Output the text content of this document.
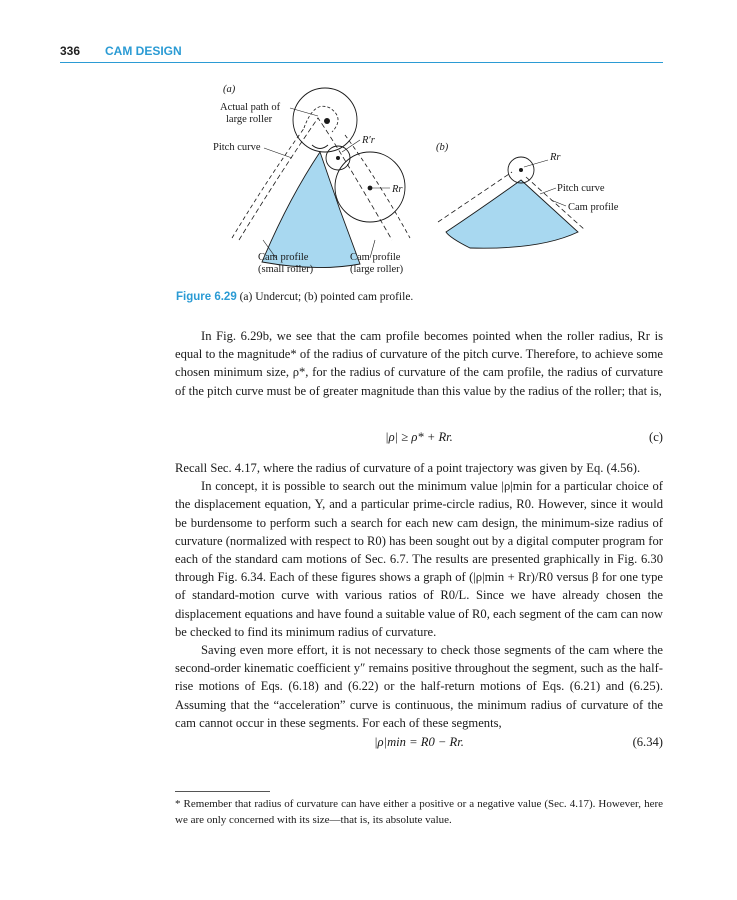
336 CAM DESIGN
(a)
Actual path of
large roller
Pitch curve
R′r
Rr
Cam profile
(small roller)
Cam profile
(large roller)
(b)
Rr
Pitch curve
Cam profile
Figure 6.29 (a) Undercut; (b) pointed cam profile.

In Fig. 6.29b, we see that the cam profile becomes pointed when the roller radius, Rr is equal to the magnitude* of the radius of curvature of the pitch curve. Therefore, to achieve some chosen minimum size, ρ*, for the radius of curvature of the cam profile, the radius of curvature of the pitch curve must be of greater magnitude than this value by the radius of the roller; that is,

|ρ| ≥ ρ* + Rr.	(c)

Recall Sec. 4.17, where the radius of curvature of a point trajectory was given by Eq. (4.56).

In concept, it is possible to search out the minimum value |ρ|min for a particular choice of the displacement equation, Y, and a particular prime-circle radius, R0. However, since it would be burdensome to perform such a search for each new cam design, the minimum-size radius of curvature (normalized with respect to R0) has been sought out by a digital computer program for each of the standard cam motions of Sec. 6.7. The results are presented graphically in Fig. 6.30 through Fig. 6.34. Each of these figures shows a graph of (|ρ|min + Rr)/R0 versus β for one type of standard-motion curve with various ratios of R0/L. Since we have already chosen the displacement equations and have found a suitable value of R0, each segment of the cam can now be checked to find its minimum radius of curvature.

Saving even more effort, it is not necessary to check those segments of the cam where the second-order kinematic coefficient y″ remains positive throughout the segment, such as the half-rise motions of Eqs. (6.18) and (6.22) or the half-return motions of Eqs. (6.21) and (6.25). Assuming that the “acceleration” curve is continuous, the minimum radius of curvature of the cam cannot occur in these segments. For each of these segments,

|ρ|min = R0 − Rr.	(6.34)
* Remember that radius of curvature can have either a positive or a negative value (Sec. 4.17). However, here we are only concerned with its size—that is, its absolute value.
